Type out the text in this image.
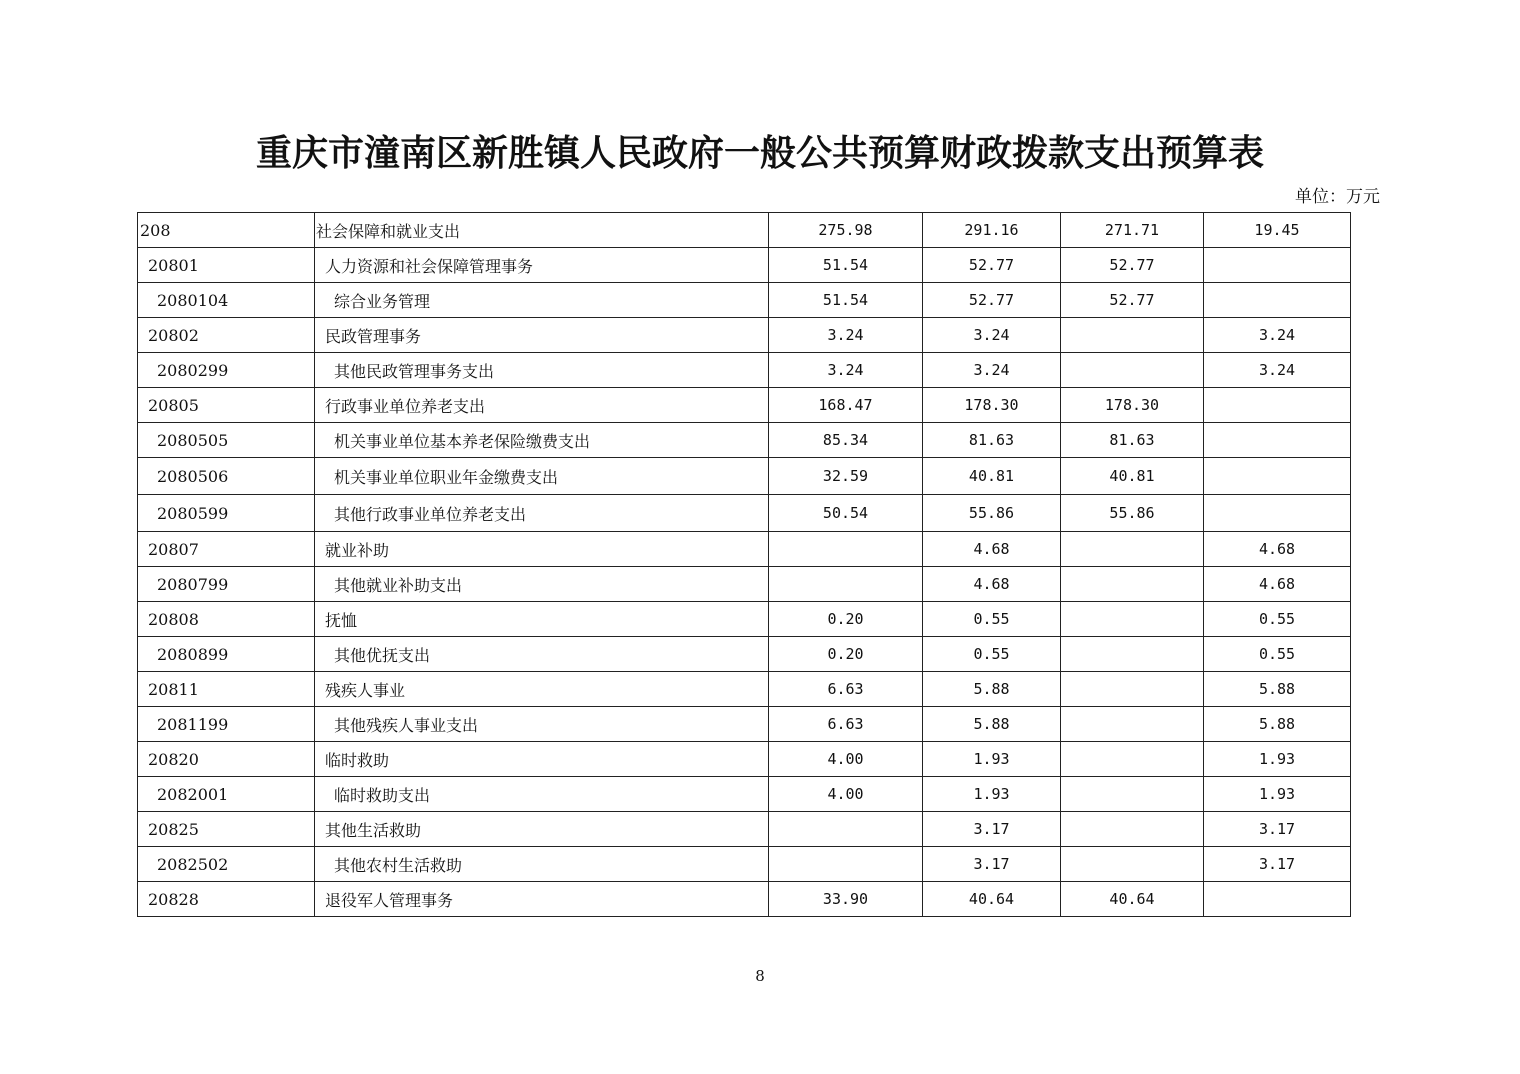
重庆市潼南区新胜镇人民政府一般公共预算财政拨款支出预算表
单位：万元
208	社会保障和就业支出	275.98	291.16	271.71	19.45
20801	人力资源和社会保障管理事务	51.54	52.77	52.77	
2080104	综合业务管理	51.54	52.77	52.77	
20802	民政管理事务	3.24	3.24		3.24
2080299	其他民政管理事务支出	3.24	3.24		3.24
20805	行政事业单位养老支出	168.47	178.30	178.30	
2080505	机关事业单位基本养老保险缴费支出	85.34	81.63	81.63	
2080506	机关事业单位职业年金缴费支出	32.59	40.81	40.81	
2080599	其他行政事业单位养老支出	50.54	55.86	55.86	
20807	就业补助		4.68		4.68
2080799	其他就业补助支出		4.68		4.68
20808	抚恤	0.20	0.55		0.55
2080899	其他优抚支出	0.20	0.55		0.55
20811	残疾人事业	6.63	5.88		5.88
2081199	其他残疾人事业支出	6.63	5.88		5.88
20820	临时救助	4.00	1.93		1.93
2082001	临时救助支出	4.00	1.93		1.93
20825	其他生活救助		3.17		3.17
2082502	其他农村生活救助		3.17		3.17
20828	退役军人管理事务	33.90	40.64	40.64	
8
